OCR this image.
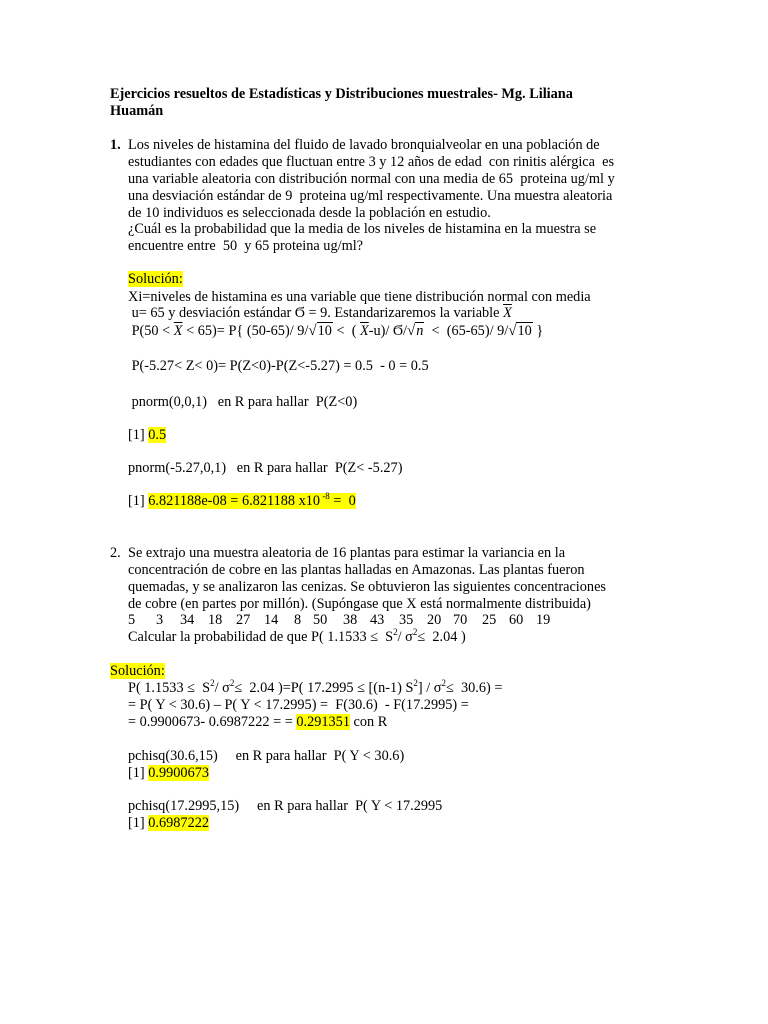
Ejercicios resueltos de Estadísticas y Distribuciones muestrales- Mg. Liliana
Huamán
1. Los niveles de histamina del fluido de lavado bronquialveolar en una población de
estudiantes con edades que fluctuan entre 3 y 12 años de edad  con rinitis alérgica  es
una variable aleatoria con distribución normal con una media de 65  proteina ug/ml y
una desviación estándar de 9  proteina ug/ml respectivamente. Una muestra aleatoria
de 10 individuos es seleccionada desde la población en estudio.
¿Cuál es la probabilidad que la media de los niveles de histamina en la muestra se
encuentre entre  50  y 65 proteina ug/ml?
Solución:
Xi=niveles de histamina es una variable que tiene distribución normal con media
u= 65 y desviación estándar Ϭ = 9. Estandarizaremos la variable $\overline{X}$
$P(50 < \overline{X} < 65)= P${ (50-65)/ 9/√10 <  ( $\overline{X}-u)/$ Ϭ/√n  <  (65-65)/ 9/√10 }
P(-5.27< Z< 0)= P(Z<0)-P(Z<-5.27) = 0.5  - 0 = 0.5
pnorm(0,0,1)   en R para hallar  P(Z<0)
[1] 0.5
pnorm(-5.27,0,1)   en R para hallar  P(Z< -5.27)
[1] 6.821188e-08 = 6.821188 x10 $^{-8}$ =  0
2. Se extrajo una muestra aleatoria de 16 plantas para estimar la variancia en la
concentración de cobre en las plantas halladas en Amazonas. Las plantas fueron
quemadas, y se analizaron las cenizas. Se obtuvieron las siguientes concentraciones
de cobre (en partes por millón). (Supóngase que X está normalmente distribuida)
5 3 34 18 27 14 8 50 38 43 35 20 70 25 60 19
Calcular la probabilidad de que P( $1.1533 \le S^2/$ $\sigma^2\le 2.04$ )
Solución:
P( $1.1533 \le S^2/$ $\sigma^2\le 2.04$ )=P( 17.2995 ≤ [(n-1) $S^2] / \sigma^2\le 30.6$) =
= P( Y < 30.6) – P( Y < 17.2995) =  F(30.6)  - F(17.2995) =
= 0.9900673- 0.6987222 = = 0.291351 con R
pchisq(30.6,15)     en R para hallar  P( Y < 30.6)
[1] 0.9900673
pchisq(17.2995,15)     en R para hallar  P( Y < 17.2995
[1] 0.6987222
